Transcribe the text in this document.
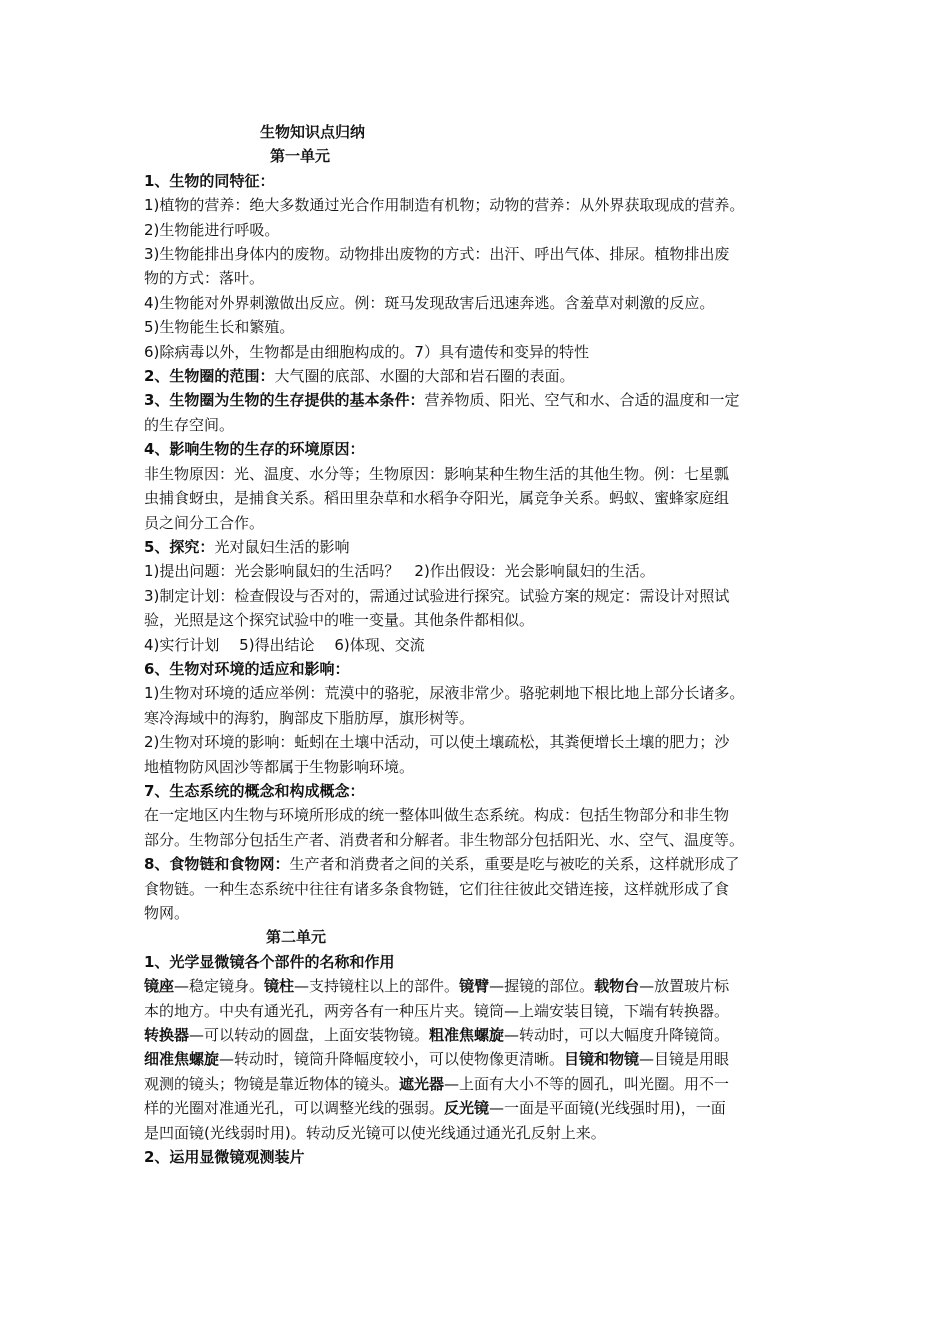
生物知识点归纳
第一单元
1、生物的同特征：
1)植物的营养：绝大多数通过光合作用制造有机物；动物的营养：从外界获取现成的营养。
2)生物能进行呼吸。
3)生物能排出身体内的废物。动物排出废物的方式：出汗、呼出气体、排尿。植物排出废
物的方式：落叶。
4)生物能对外界刺激做出反应。例：斑马发现敌害后迅速奔逃。含羞草对刺激的反应。
5)生物能生长和繁殖。
6)除病毒以外，生物都是由细胞构成的。7）具有遗传和变异的特性
2、生物圈的范围：大气圈的底部、水圈的大部和岩石圈的表面。
3、生物圈为生物的生存提供的基本条件：营养物质、阳光、空气和水、合适的温度和一定
的生存空间。
4、影响生物的生存的环境原因：
非生物原因：光、温度、水分等；生物原因：影响某种生物生活的其他生物。例：七星瓢
虫捕食蚜虫，是捕食关系。稻田里杂草和水稻争夺阳光，属竞争关系。蚂蚁、蜜蜂家庭组
员之间分工合作。
5、探究：光对鼠妇生活的影响
1)提出问题：光会影响鼠妇的生活吗？　2)作出假设：光会影响鼠妇的生活。
3)制定计划：检查假设与否对的，需通过试验进行探究。试验方案的规定：需设计对照试
验，光照是这个探究试验中的唯一变量。其他条件都相似。
4)实行计划　 5)得出结论　 6)体现、交流
6、生物对环境的适应和影响：
1)生物对环境的适应举例：荒漠中的骆驼，尿液非常少。骆驼刺地下根比地上部分长诸多。
寒冷海域中的海豹，胸部皮下脂肪厚，旗形树等。
2)生物对环境的影响：蚯蚓在土壤中活动，可以使土壤疏松，其粪便增长土壤的肥力；沙
地植物防风固沙等都属于生物影响环境。
7、生态系统的概念和构成概念：
在一定地区内生物与环境所形成的统一整体叫做生态系统。构成：包括生物部分和非生物
部分。生物部分包括生产者、消费者和分解者。非生物部分包括阳光、水、空气、温度等。
8、食物链和食物网：生产者和消费者之间的关系，重要是吃与被吃的关系，这样就形成了
食物链。一种生态系统中往往有诸多条食物链，它们往往彼此交错连接，这样就形成了食
物网。
第二单元
1、光学显微镜各个部件的名称和作用
镜座—稳定镜身。镜柱—支持镜柱以上的部件。镜臂—握镜的部位。载物台—放置玻片标
本的地方。中央有通光孔，两旁各有一种压片夹。镜筒—上端安装目镜，下端有转换器。
转换器—可以转动的圆盘，上面安装物镜。粗准焦螺旋—转动时，可以大幅度升降镜筒。
细准焦螺旋—转动时，镜筒升降幅度较小，可以使物像更清晰。目镜和物镜—目镜是用眼
观测的镜头；物镜是靠近物体的镜头。遮光器—上面有大小不等的圆孔，叫光圈。用不一
样的光圈对准通光孔，可以调整光线的强弱。反光镜—一面是平面镜(光线强时用)，一面
是凹面镜(光线弱时用)。转动反光镜可以使光线通过通光孔反射上来。
2、运用显微镜观测装片
